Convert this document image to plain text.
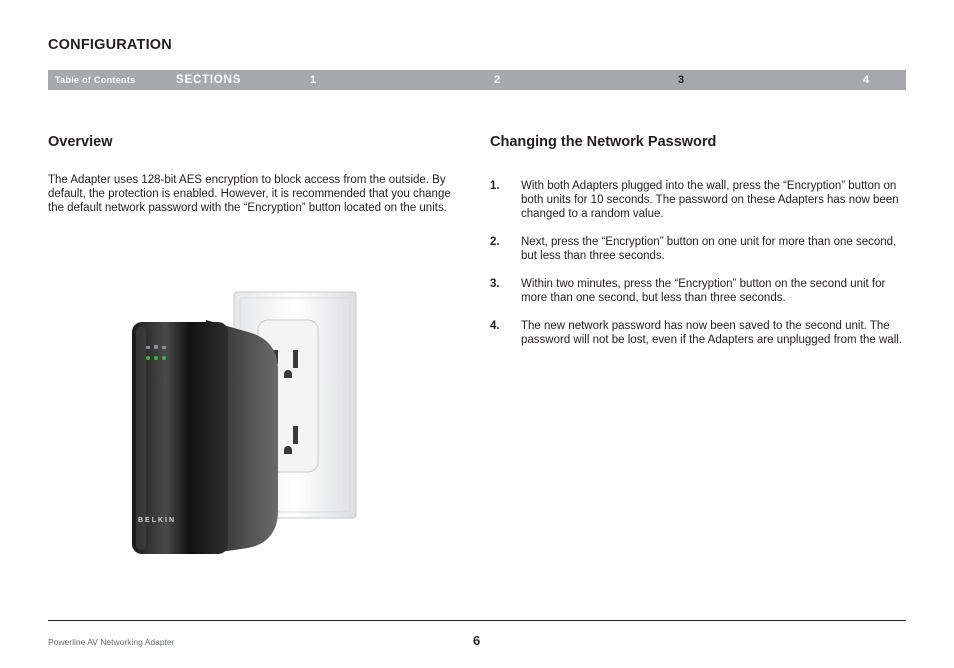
CONFIGURATION
Table of Contents	SECTIONS	1	2	3	4
Overview

The Adapter uses 128-bit AES encryption to block access from the outside. By default, the protection is enabled. However, it is recommended that you change the default network password with the “Encryption” button located on the units.

Changing the Network Password
1. With both Adapters plugged into the wall, press the “Encryption” button on both units for 10 seconds. The password on these Adapters has now been changed to a random value.
2. Next, press the “Encryption” button on one unit for more than one second, but less than three seconds.
3. Within two minutes, press the “Encryption” button on the second unit for more than one second, but less than three seconds.
4. The new network password has now been saved to the second unit. The password will not be lost, even if the Adapters are unplugged from the wall.
BELKIN
Powerline AV Networking Adapter	6
